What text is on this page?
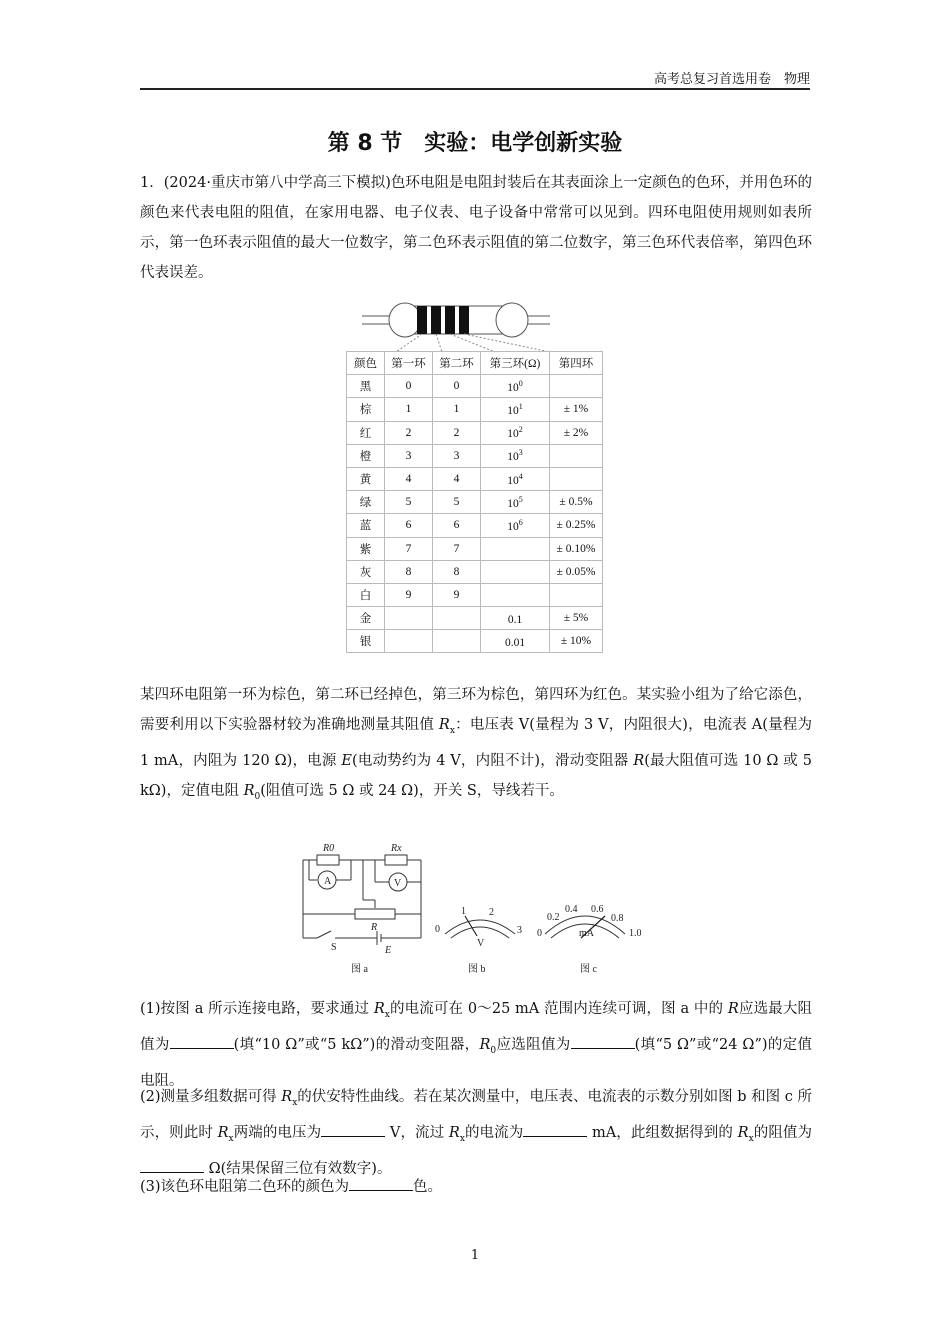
高考总复习首选用卷　物理
第 8 节　实验：电学创新实验
1．(2024·重庆市第八中学高三下模拟)色环电阻是电阻封装后在其表面涂上一定颜色的色环，并用色环的颜色来代表电阻的阻值，在家用电器、电子仪表、电子设备中常常可以见到。四环电阻使用规则如表所示，第一色环表示阻值的最大一位数字，第二色环表示阻值的第二位数字，第三色环代表倍率，第四色环代表误差。
颜色	第一环	第二环	第三环(Ω)	第四环
黑	0	0	$10^0$	
棕	1	1	$10^1$	± 1%
红	2	2	$10^2$	± 2%
橙	3	3	$10^3$	
黄	4	4	$10^4$	
绿	5	5	$10^5$	± 0.5%
蓝	6	6	$10^6$	± 0.25%
紫	7	7		± 0.10%
灰	8	8		± 0.05%
白	9	9		
金			0.1	± 5%
银			0.01	± 10%
某四环电阻第一环为棕色，第二环已经掉色，第三环为棕色，第四环为红色。某实验小组为了给它添色，需要利用以下实验器材较为准确地测量其阻值 $R_x$：电压表 V(量程为 3 V，内阻很大)，电流表 A(量程为 1 mA，内阻为 120 Ω)，电源 E(电动势约为 4 V，内阻不计)，滑动变阻器 R(最大阻值可选 10 Ω 或 5 kΩ)，定值电阻 $R_0$(阻值可选 5 Ω 或 24 Ω)，开关 S，导线若干。
R0	Rx
A	V
R
S	E
图 a
0
1 2
3
V
图 b
0
0.2
0.4 0.6
0.8
1.0
mA
图 c
(1)按图 a 所示连接电路，要求通过 $R_x$的电流可在 0～25 mA 范围内连续可调，图 a 中的 R应选最大阻值为	(填“10 Ω”或“5 kΩ”)的滑动变阻器，$R_0$应选阻值为	(填“5 Ω”或“24 Ω”)的定值电阻。
(2)测量多组数据可得 $R_x$的伏安特性曲线。若在某次测量中，电压表、电流表的示数分别如图 b 和图 c 所示，则此时 $R_x$两端的电压为	V，流过 $R_x$的电流为	mA，此组数据得到的 $R_x$的阻值为 Ω(结果保留三位有效数字)。
(3)该色环电阻第二色环的颜色为	色。
1
